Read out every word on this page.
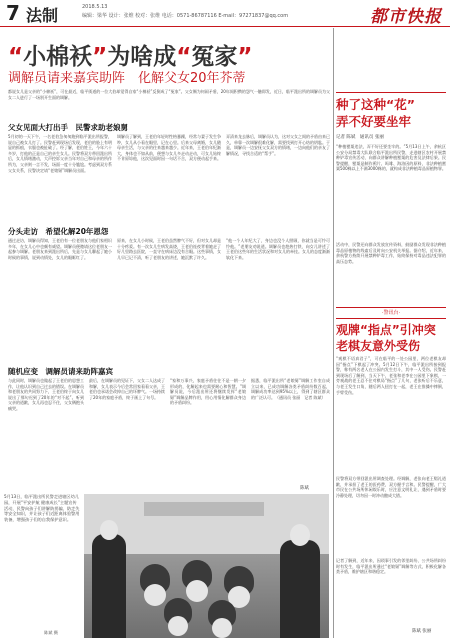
7 法制	2018.5.13
编辑：梁华 设计：张维 校对：张维 电话：0571-86787116 E-mail：97271837@qq.com	都市快报
“小棉袄”为啥成“冤家”
调解员请来嘉宾助阵　化解父女20年芥蒂
都说女儿是父亲的“小棉袄”，可在最近，临平街道的一位大伯却觉得自家“小棉袄”反倒成了“冤家”。父女俩为何闹矛盾，20年间积攒的怨气一触即发，近日，临平派出所的调解员为父女二人进行了一场别开生面的调解。
父女见面大打出手　民警求助老娘舅
5月初的一天下午，一名老伯急匆匆跑到临平派出所报警，说自己被女儿打了。民警赶到现场后发现，老伯的脸上有明显的抓痕，衣服也被扯破了。经了解，老伯姓王，今年六十多岁，打他的正是自己的亲生女儿。民警将双方带回派出所后，女儿情绪激动，大声控诉父亲当年对自己和母亲的所作所为，父亲则一言不发，场面一度十分尴尬。考虑到双方系父女关系，民警决定请“老娘舅”调解员出面。
调解员了解到，王老伯年轻时性格暴躁，经常与妻子发生争吵，女儿从小看在眼里，记在心里。后来父母离婚，女儿随母亲生活，与父亲的往来越来越少。近年来，王老伯年纪渐大，身体也不如从前，便想与女儿多走动走动，可女儿始终不肯原谅他，这次见面时因一句话不合，双方便动起手来。
弄清来龙去脉后，调解员认为，这对父女之间的矛盾由来已久，单靠一次调解很难化解，需要找到打开心结的钥匙。于是，调解员一边安抚父女双方的情绪，一边向他们的亲友了解情况，寻找合适的“帮手”。
分头走访　希望化解20年恩怨
通过走访，调解员得知，王老伯有一位老朋友与他们家相识多年，在女儿心中也颇有威望。调解员便邀请这位老朋友一起参与调解。老朋友来到派出所后，先是与女儿聊起了她小时候的事情，说到动情处，女儿的眼眶红了。
原来，在女儿小时候，王老伯虽然脾气不好，但对女儿却是十分疼爱。有一次女儿生病发高烧，王老伯连夜背着她走了好几里路去医院，一直守在病床边没有合眼。这些事情，女儿早已记不清，听了老朋友的讲述，她沉默了许久。
“他一个人年纪大了，身边也没个人照顾，你就当是可怜可怜他。”老朋友劝说道。调解员也趁热打铁，向女儿讲述了王老伯这些年的生活状况和对女儿的牵挂。女儿的态度渐渐软化下来。
随机应变　调解员请来助阵嘉宾
与此同时，调解员也做起了王老伯的思想工作，让他认识到自己过去的错误。在调解员和老朋友的共同努力下，王老伯终于向女儿说出了那句迟到了20年的“对不起”。听到父亲的道歉，女儿再也忍不住，父女俩抱头痛哭。
最后，在调解员的见证下，父女二人达成了和解，女儿表示今后会常回家看看父亲，王老伯也承诺会改掉自己的坏脾气。一场持续了20年的家庭矛盾，终于画上了句号。
“家和万事兴，家庭矛盾往往不是一朝一夕形成的，化解起来也需要耐心和智慧。”调解员说，今后派出所还将继续发挥“老娘舅”调解品牌作用，用心用情化解群众身边的矛盾纠纷。
据悉，临平派出所“老娘舅”调解工作室自成立以来，已成功调解各类矛盾纠纷数百起，调解成功率达到95%以上，得到了辖区群众的广泛认可。（通讯员 张丽　记者 陈斌）
陈斌
5月13日，临平派出所民警走进辖区幼儿园，开展“平安护航 健康成长”主题宣传活动，民警向孩子们讲解防拐骗、防走失等安全知识，并让孩子们近距离体验警用装备，增强孩子们的自我保护意识。
陈斌 摄
种了这种“花”
弄不好要坐牢
记者 陈斌　通讯员 张丽
“种植罂粟违法，弄不好还要坐牢的。”5月13日上午，余杭区公安分局禁毒大队联合临平派出所民警，走进辖区农村开展禁种铲毒宣传活动，向群众讲解种植罂粟的危害及法律后果。民警提醒，罂粟是制作鸦片、吗啡、海洛因的原料，非法种植罂粟500株以上不满3000株的，就构成非法种植毒品原植物罪。
活动中，民警还向群众发放宣传资料，鼓励群众发现非法种植毒品原植物的线索后及时向公安机关举报。据介绍，近年来，余杭警方持续开展禁种铲毒工作，始终保持对毒品违法犯罪的高压态势。
·警讯台·
观牌“指点”引冲突
老棋友意外受伤
“观棋不语真君子”，可在临平的一处公园里，两位老棋友却因“指点”下棋起了冲突。5月12日下午，临平派出所接到报警，称有两名老人在公园内发生打斗，其中一人受伤。民警赶到现场后了解到，当天下午，老张和老李在公园里下象棋，一旁观战的老王忍不住对棋局“指点”了几句，老张听后不乐意，与老王发生口角，随后两人扭打在一起，老王在推搡中摔倒，手臂受伤。
民警将双方带回派出所调查处理。经调解，老张向老王赔礼道歉，并承担了老王的医药费，双方握手言和。民警提醒，广大市民在公共场所休闲娱乐时，应注意文明礼让，遇到矛盾时要冷静处理，切勿因一时冲动酿成大错。
记者了解到，近年来，因琐事引发的邻里纠纷、公共场所纠纷时有发生，临平派出所通过“老娘舅”调解等方式，积极化解各类矛盾，维护辖区和谐稳定。
陈斌 张丽
